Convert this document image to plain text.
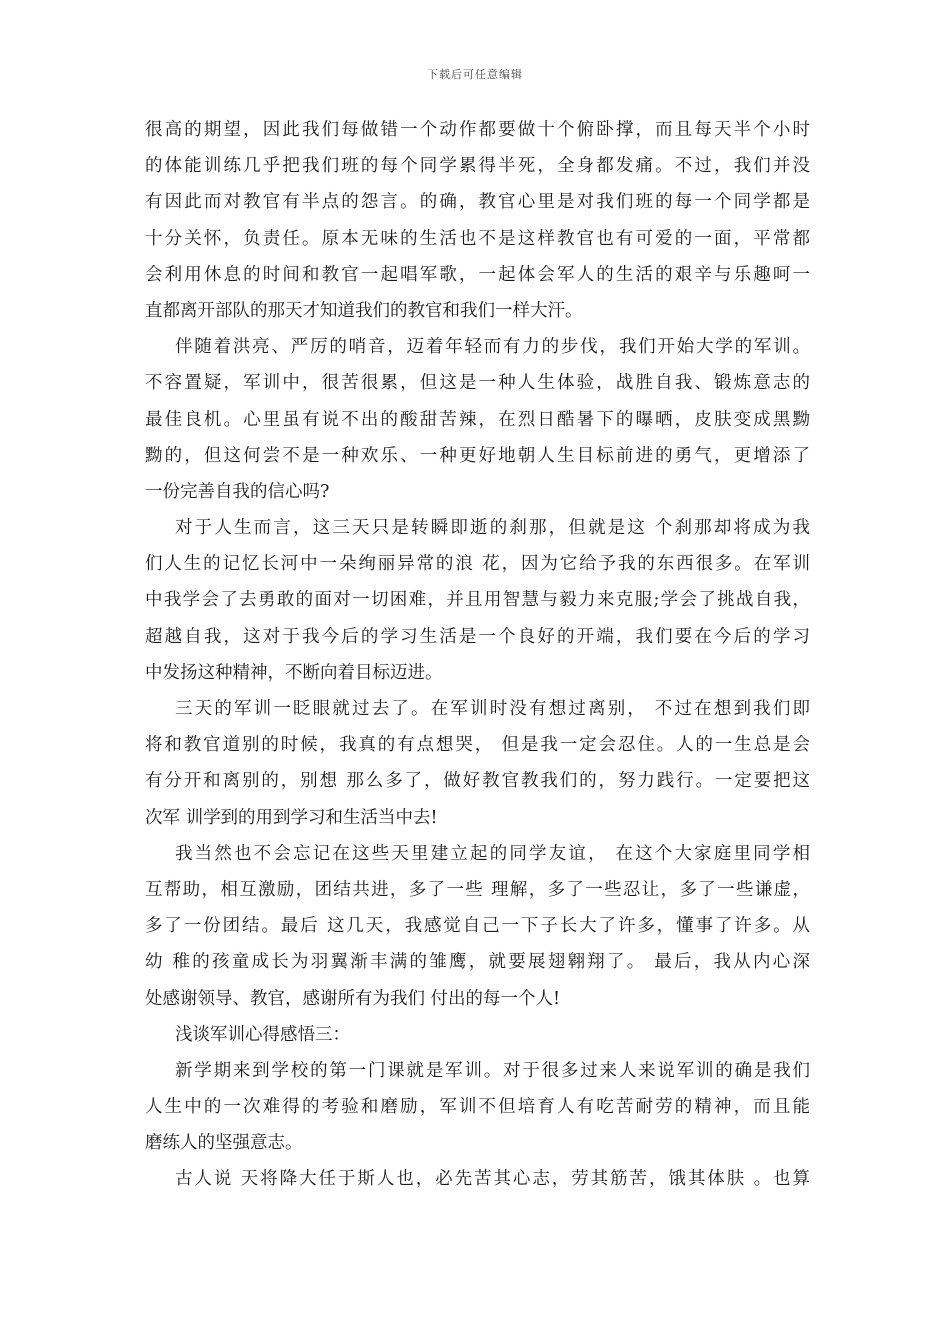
下载后可任意编辑
很高的期望，因此我们每做错一个动作都要做十个俯卧撑，而且每天半个小时
的体能训练几乎把我们班的每个同学累得半死，全身都发痛。不过，我们并没
有因此而对教官有半点的怨言。的确，教官心里是对我们班的每一个同学都是
十分关怀，负责任。原本无味的生活也不是这样教官也有可爱的一面，平常都
会利用休息的时间和教官一起唱军歌，一起体会军人的生活的艰辛与乐趣呵一
直都离开部队的那天才知道我们的教官和我们一样大汗。
伴随着洪亮、严厉的哨音，迈着年轻而有力的步伐，我们开始大学的军训。
不容置疑，军训中，很苦很累，但这是一种人生体验，战胜自我、锻炼意志的
最佳良机。心里虽有说不出的酸甜苦辣，在烈日酷暑下的曝晒，皮肤变成黑黝
黝的，但这何尝不是一种欢乐、一种更好地朝人生目标前进的勇气，更增添了
一份完善自我的信心吗?
对于人生而言，这三天只是转瞬即逝的刹那，但就是这 个刹那却将成为我
们人生的记忆长河中一朵绚丽异常的浪 花，因为它给予我的东西很多。在军训
中我学会了去勇敢的面对一切困难，并且用智慧与毅力来克服;学会了挑战自我，
超越自我，这对于我今后的学习生活是一个良好的开端，我们要在今后的学习
中发扬这种精神，不断向着目标迈进。
三天的军训一眨眼就过去了。在军训时没有想过离别， 不过在想到我们即
将和教官道别的时候，我真的有点想哭， 但是我一定会忍住。人的一生总是会
有分开和离别的，别想 那么多了，做好教官教我们的，努力践行。一定要把这
次军 训学到的用到学习和生活当中去!
我当然也不会忘记在这些天里建立起的同学友谊， 在这个大家庭里同学相
互帮助，相互激励，团结共进，多了一些 理解，多了一些忍让，多了一些谦虚，
多了一份团结。最后 这几天，我感觉自己一下子长大了许多，懂事了许多。从
幼 稚的孩童成长为羽翼渐丰满的雏鹰，就要展翅翱翔了。 最后，我从内心深
处感谢领导、教官，感谢所有为我们 付出的每一个人!
浅谈军训心得感悟三：
新学期来到学校的第一门课就是军训。对于很多过来人来说军训的确是我们
人生中的一次难得的考验和磨励，军训不但培育人有吃苦耐劳的精神，而且能
磨练人的坚强意志。
古人说 天将降大任于斯人也，必先苦其心志，劳其筋苦，饿其体肤 。也算
